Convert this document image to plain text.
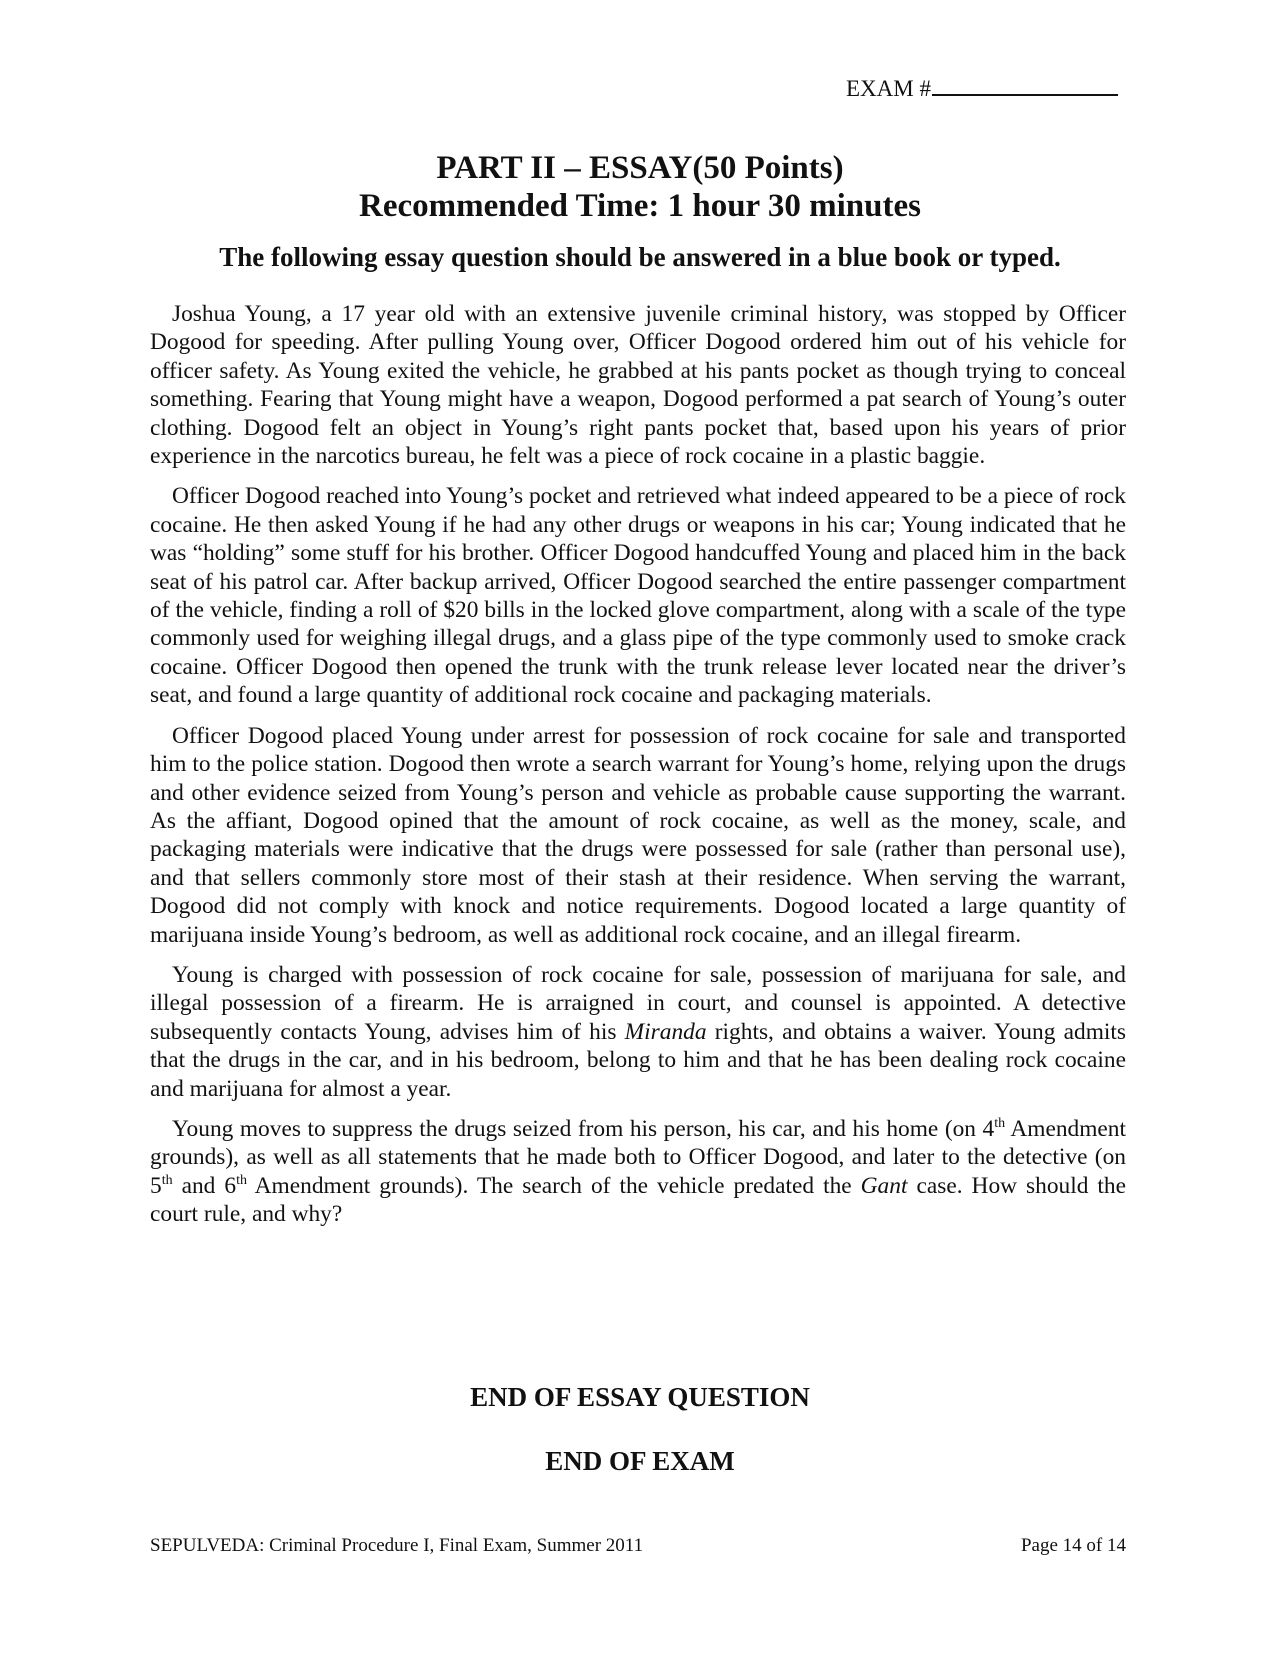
EXAM #
PART II – ESSAY(50 Points)
Recommended Time: 1 hour 30 minutes
The following essay question should be answered in a blue book or typed.

Joshua Young, a 17 year old with an extensive juvenile criminal history, was stopped by Officer Dogood for speeding. After pulling Young over, Officer Dogood ordered him out of his vehicle for officer safety. As Young exited the vehicle, he grabbed at his pants pocket as though trying to conceal something. Fearing that Young might have a weapon, Dogood performed a pat search of Young’s outer clothing. Dogood felt an object in Young’s right pants pocket that, based upon his years of prior experience in the narcotics bureau, he felt was a piece of rock cocaine in a plastic baggie.

Officer Dogood reached into Young’s pocket and retrieved what indeed appeared to be a piece of rock cocaine. He then asked Young if he had any other drugs or weapons in his car; Young indicated that he was “holding” some stuff for his brother. Officer Dogood handcuffed Young and placed him in the back seat of his patrol car. After backup arrived, Officer Dogood searched the entire passenger compartment of the vehicle, finding a roll of $20 bills in the locked glove compartment, along with a scale of the type commonly used for weighing illegal drugs, and a glass pipe of the type commonly used to smoke crack cocaine. Officer Dogood then opened the trunk with the trunk release lever located near the driver’s seat, and found a large quantity of additional rock cocaine and packaging materials.

Officer Dogood placed Young under arrest for possession of rock cocaine for sale and transported him to the police station. Dogood then wrote a search warrant for Young’s home, relying upon the drugs and other evidence seized from Young’s person and vehicle as probable cause supporting the warrant. As the affiant, Dogood opined that the amount of rock cocaine, as well as the money, scale, and packaging materials were indicative that the drugs were possessed for sale (rather than personal use), and that sellers commonly store most of their stash at their residence. When serving the warrant, Dogood did not comply with knock and notice requirements. Dogood located a large quantity of marijuana inside Young’s bedroom, as well as additional rock cocaine, and an illegal firearm.

Young is charged with possession of rock cocaine for sale, possession of marijuana for sale, and illegal possession of a firearm. He is arraigned in court, and counsel is appointed. A detective subsequently contacts Young, advises him of his Miranda rights, and obtains a waiver. Young admits that the drugs in the car, and in his bedroom, belong to him and that he has been dealing rock cocaine and marijuana for almost a year.

Young moves to suppress the drugs seized from his person, his car, and his home (on 4th Amendment grounds), as well as all statements that he made both to Officer Dogood, and later to the detective (on 5th and 6th Amendment grounds). The search of the vehicle predated the Gant case. How should the court rule, and why?

END OF ESSAY QUESTION
END OF EXAM
SEPULVEDA: Criminal Procedure I, Final Exam, Summer 2011	Page 14 of 14
